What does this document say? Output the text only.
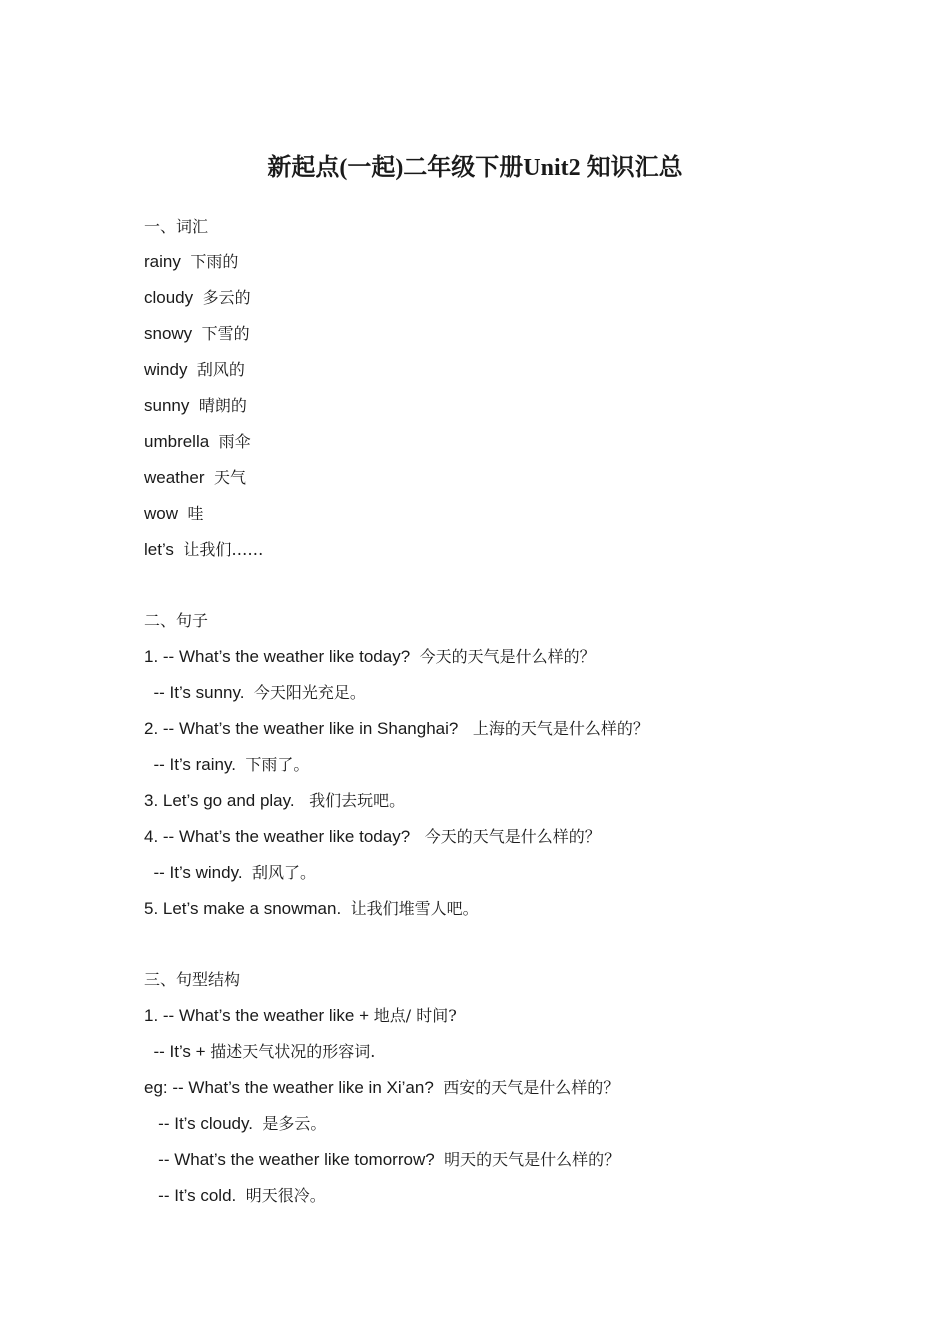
新起点(一起)二年级下册Unit2 知识汇总
一、词汇
rainy 下雨的
cloudy 多云的
snowy 下雪的
windy 刮风的
sunny 晴朗的
umbrella 雨伞
weather 天气
wow 哇
let’s 让我们……
二、句子
1. -- What’s the weather like today? 今天的天气是什么样的？
-- It’s sunny. 今天阳光充足。
2. -- What’s the weather like in Shanghai?   上海的天气是什么样的？
-- It’s rainy. 下雨了。
3. Let’s go and play.   我们去玩吧。
4. -- What’s the weather like today?   今天的天气是什么样的？
-- It’s windy. 刮风了。
5. Let’s make a snowman. 让我们堆雪人吧。
三、句型结构
1. -- What’s the weather like + 地点/ 时间?
-- It’s + 描述天气状况的形容词.
eg: -- What’s the weather like in Xi’an? 西安的天气是什么样的？
-- It’s cloudy. 是多云。
-- What’s the weather like tomorrow? 明天的天气是什么样的？
-- It’s cold. 明天很冷。
